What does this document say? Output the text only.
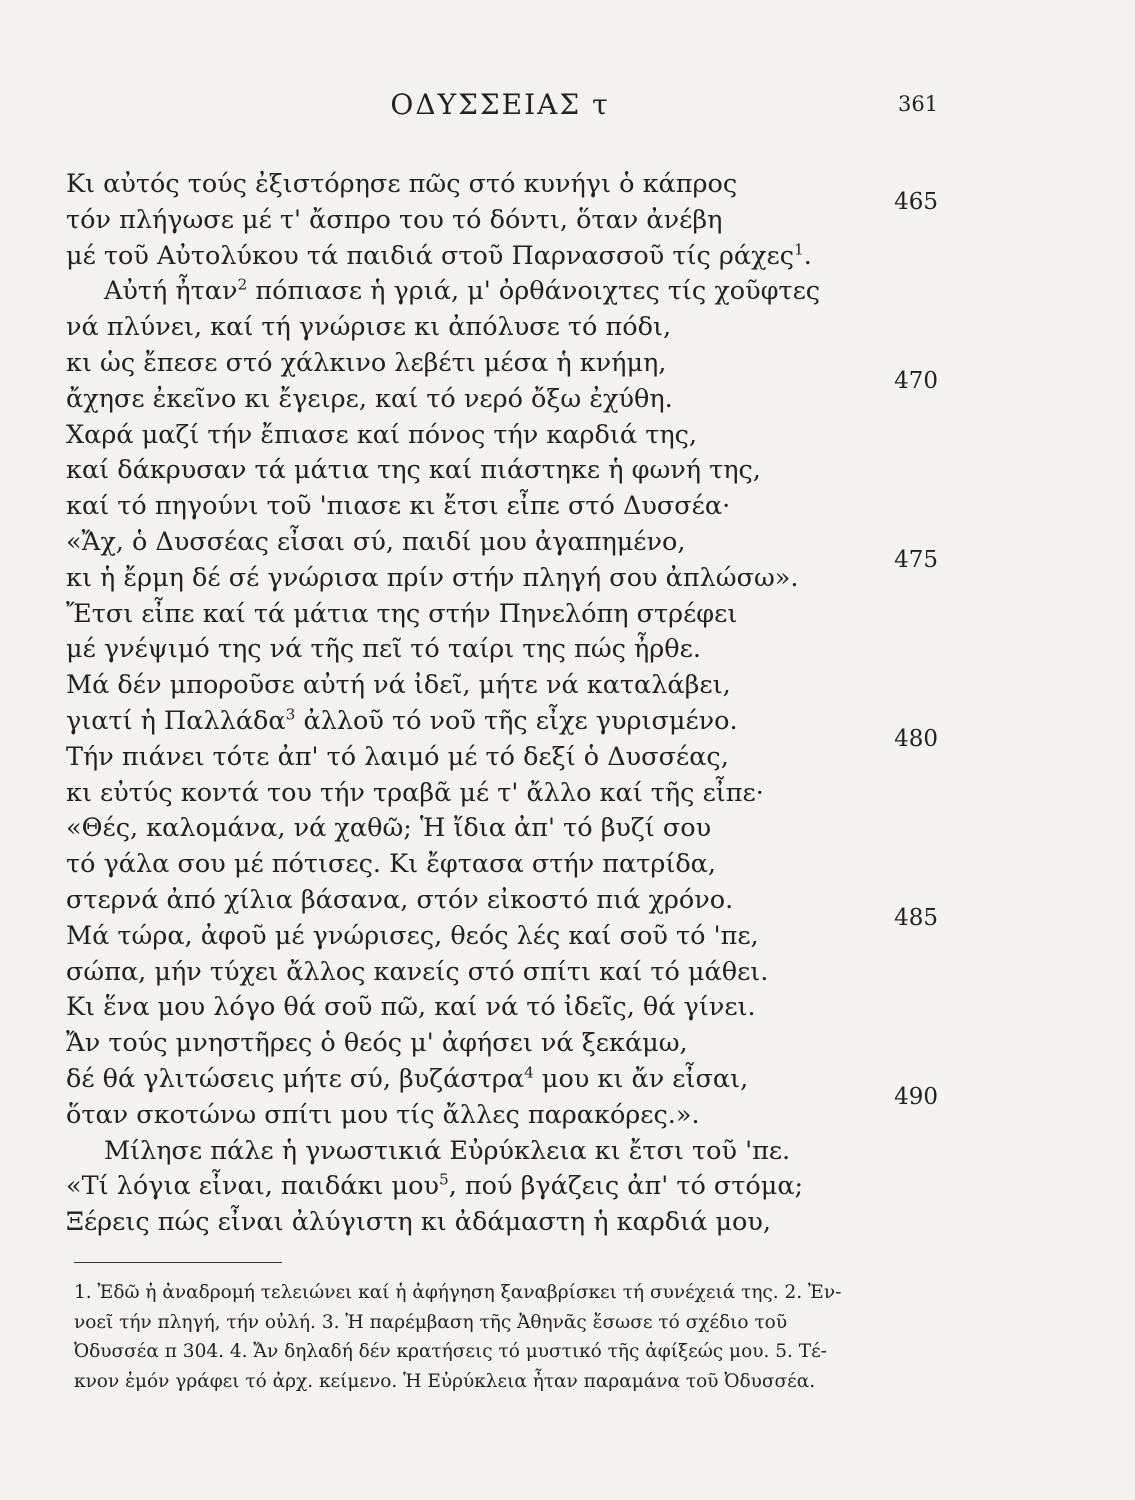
ΟΔΥΣΣΕΙΑΣ τ	361
Κι αὐτός τούς ἐξιστόρησε πῶς στό κυνήγι ὁ κάπρος
τόν πλήγωσε μέ τ' ἄσπρο του τό δόντι, ὅταν ἀνέβη
465
μέ τοῦ Αὐτολύκου τά παιδιά στοῦ Παρνασσοῦ τίς ράχες$^1$.
Αὐτή ἦταν$^2$ πόπιασε ἡ γριά, μ' ὀρθάνοιχτες τίς χοῦφτες
νά πλύνει, καί τή γνώρισε κι ἀπόλυσε τό πόδι,
κι ὡς ἔπεσε στό χάλκινο λεβέτι μέσα ἡ κνήμη,
ἄχησε ἐκεῖνο κι ἔγειρε, καί τό νερό ὄξω ἐχύθη.
470
Χαρά μαζί τήν ἔπιασε καί πόνος τήν καρδιά της,
καί δάκρυσαν τά μάτια της καί πιάστηκε ἡ φωνή της,
καί τό πηγούνι τοῦ 'πιασε κι ἔτσι εἶπε στό Δυσσέα·
«Ἄχ, ὁ Δυσσέας εἶσαι σύ, παιδί μου ἀγαπημένο,
κι ἡ ἔρμη δέ σέ γνώρισα πρίν στήν πληγή σου ἀπλώσω».
475
Ἔτσι εἶπε καί τά μάτια της στήν Πηνελόπη στρέφει
μέ γνέψιμό της νά τῆς πεῖ τό ταίρι της πώς ἦρθε.
Μά δέν μποροῦσε αὐτή νά ἰδεῖ, μήτε νά καταλάβει,
γιατί ἡ Παλλάδα$^3$ ἀλλοῦ τό νοῦ τῆς εἶχε γυρισμένο.
Τήν πιάνει τότε ἀπ' τό λαιμό μέ τό δεξί ὁ Δυσσέας,
480
κι εὐτύς κοντά του τήν τραβᾶ μέ τ' ἄλλο καί τῆς εἶπε·
«Θές, καλομάνα, νά χαθῶ; Ἡ ἴδια ἀπ' τό βυζί σου
τό γάλα σου μέ πότισες. Κι ἔφτασα στήν πατρίδα,
στερνά ἀπό χίλια βάσανα, στόν εἰκοστό πιά χρόνο.
Μά τώρα, ἀφοῦ μέ γνώρισες, θεός λές καί σοῦ τό 'πε,
485
σώπα, μήν τύχει ἄλλος κανείς στό σπίτι καί τό μάθει.
Κι ἕνα μου λόγο θά σοῦ πῶ, καί νά τό ἰδεῖς, θά γίνει.
Ἄν τούς μνηστῆρες ὁ θεός μ' ἀφήσει νά ξεκάμω,
δέ θά γλιτώσεις μήτε σύ, βυζάστρα$^4$ μου κι ἄν εἶσαι,
ὅταν σκοτώνω σπίτι μου τίς ἄλλες παρακόρες.».
490
Μίλησε πάλε ἡ γνωστικιά Εὐρύκλεια κι ἔτσι τοῦ 'πε.
«Τί λόγια εἶναι, παιδάκι μου$^5$, πού βγάζεις ἀπ' τό στόμα;
Ξέρεις πώς εἶναι ἀλύγιστη κι ἀδάμαστη ἡ καρδιά μου,
1. Ἐδῶ ἡ ἀναδρομή τελειώνει καί ἡ ἀφήγηση ξαναβρίσκει τή συνέχειά της. 2. Ἐν-
νοεῖ τήν πληγή, τήν οὐλή. 3. Ἡ παρέμβαση τῆς Ἀθηνᾶς ἔσωσε τό σχέδιο τοῦ
Ὀδυσσέα π 304. 4. Ἄν δηλαδή δέν κρατήσεις τό μυστικό τῆς ἀφίξεώς μου. 5. Τέ-
κνον ἐμόν γράφει τό ἀρχ. κείμενο. Ἡ Εὐρύκλεια ἦταν παραμάνα τοῦ Ὀδυσσέα.
